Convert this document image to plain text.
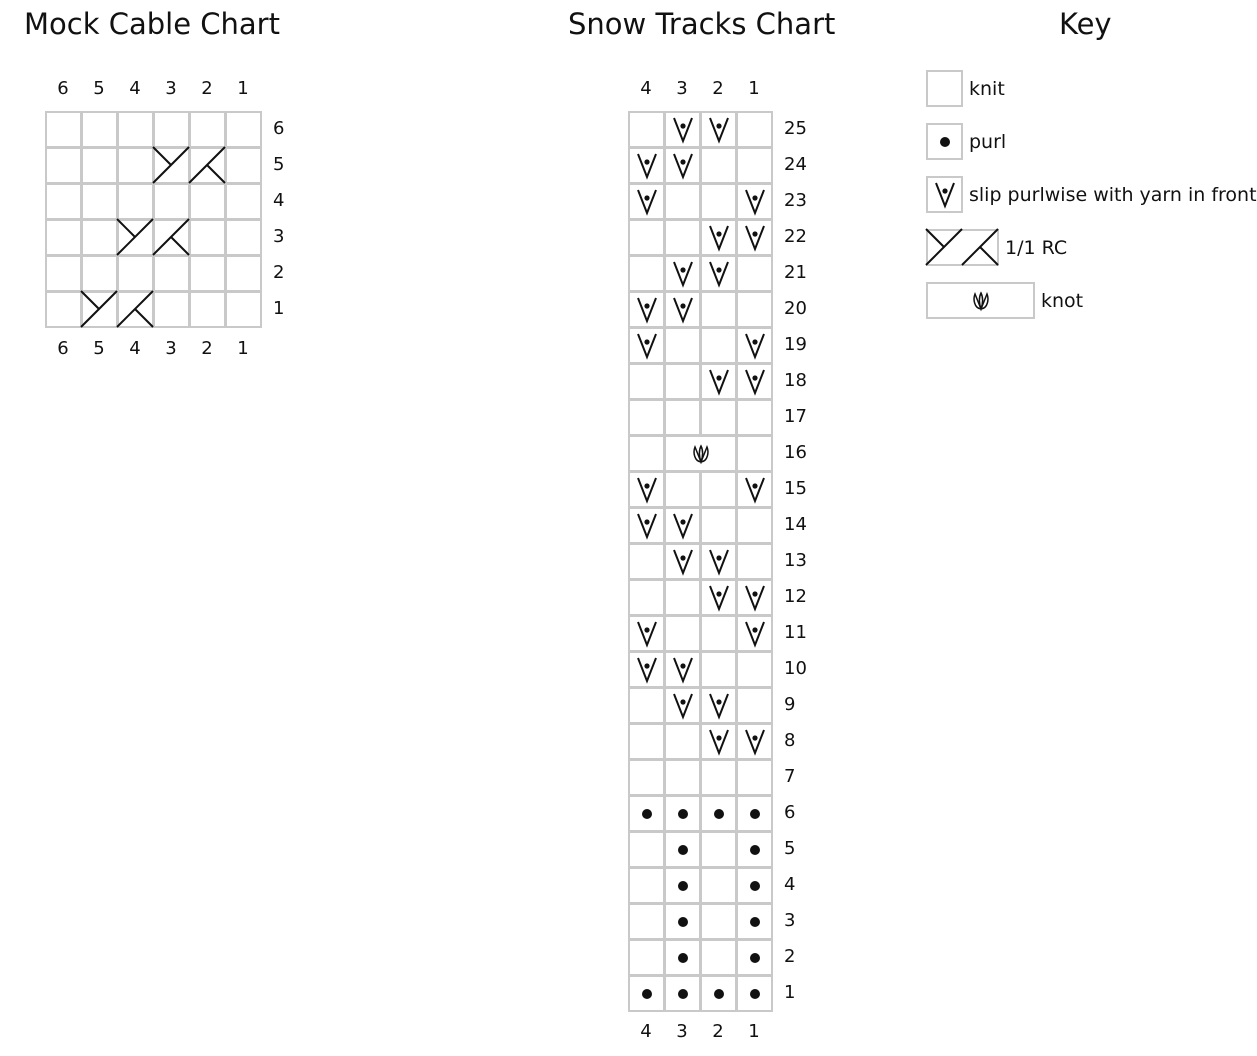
Mock Cable Chart
6
6
5
5
4
4
3
3
2
2
1
1
6
5
4
3
2
1
Snow Tracks Chart
4
4
3
3
2
2
1
1
25
24
23
22
21
20
19
18
17
16
15
14
13
12
11
10
9
8
7
6
5
4
3
2
1
Key
knit
purl
slip purlwise with yarn in front
1/1 RC
knot
